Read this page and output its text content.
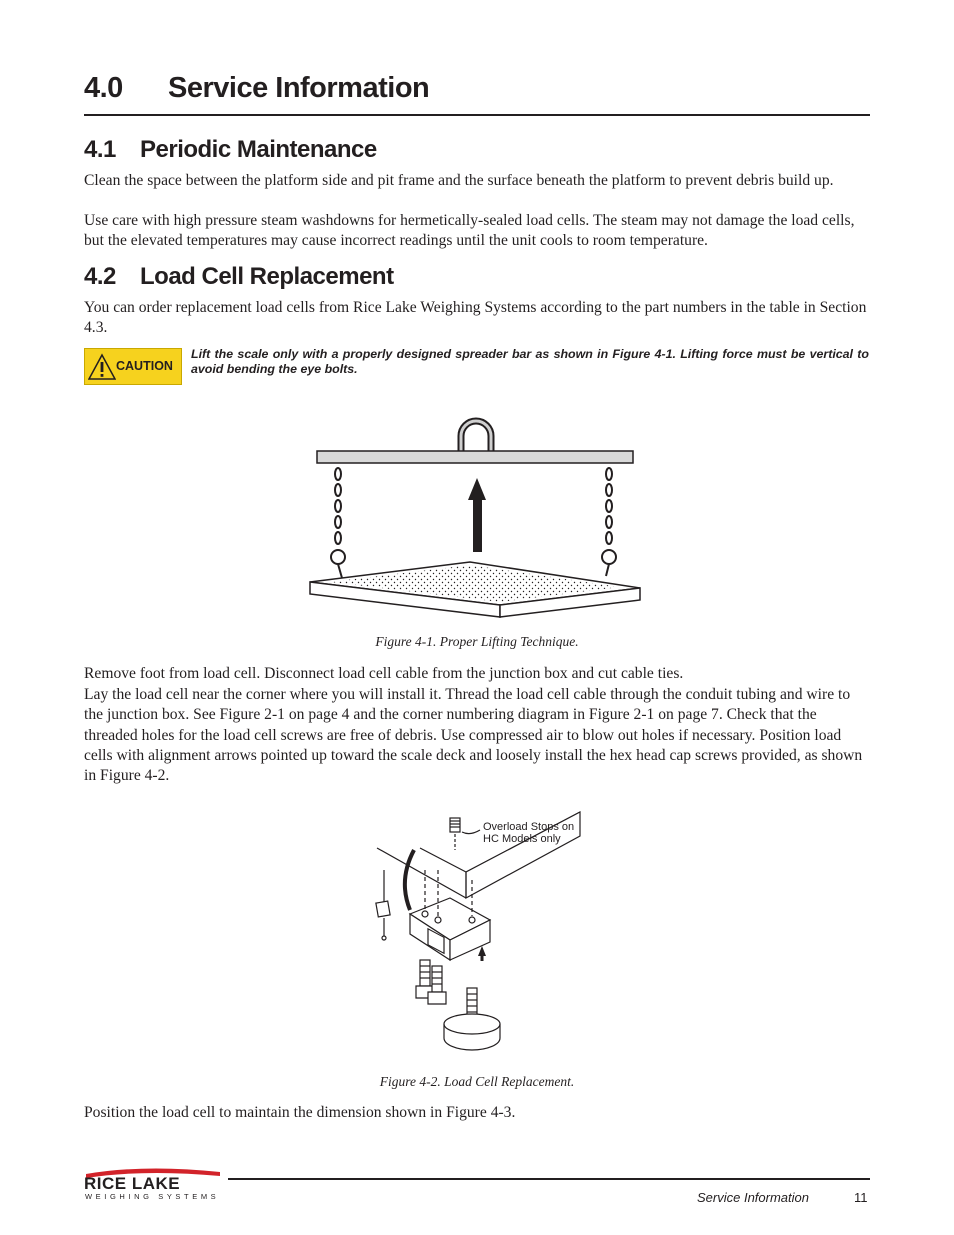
4.0 Service Information
4.1 Periodic Maintenance
Clean the space between the platform side and pit frame and the surface beneath the platform to prevent debris build up.
Use care with high pressure steam washdowns for hermetically-sealed load cells. The steam may not damage the load cells, but the elevated temperatures may cause incorrect readings until the unit cools to room temperature.
4.2 Load Cell Replacement
You can order replacement load cells from Rice Lake Weighing Systems according to the part numbers in the table in Section 4.3.
CAUTION
Lift the scale only with a properly designed spreader bar as shown in Figure 4-1. Lifting force must be vertical to avoid bending the eye bolts.
Figure 4-1. Proper Lifting Technique.
Remove foot from load cell. Disconnect load cell cable from the junction box and cut cable ties.
Lay the load cell near the corner where you will install it. Thread the load cell cable through the conduit tubing and wire to the junction box. See Figure 2-1 on page 4 and the corner numbering diagram in Figure 2-1 on page 7. Check that the threaded holes for the load cell screws are free of debris. Use compressed air to blow out holes if necessary. Position load cells with alignment arrows pointed up toward the scale deck and loosely install the hex head cap screws provided, as shown in Figure 4-2.
Overload Stops on
HC Models only
Figure 4-2. Load Cell Replacement.
Position the load cell to maintain the dimension shown in Figure 4-3.
RICE LAKE
WEIGHING SYSTEMS	Service Information	11
